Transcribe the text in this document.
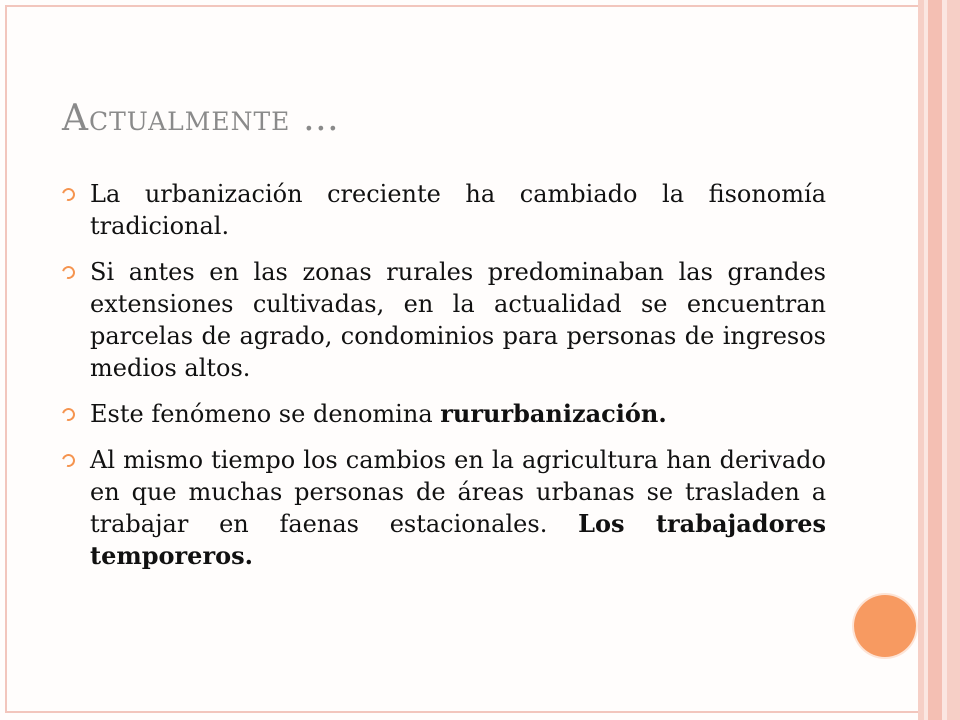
Actualmente …
La urbanización creciente ha cambiado la fisonomía tradicional.
Si antes en las zonas rurales predominaban las grandes extensiones cultivadas, en la actualidad se encuentran parcelas de agrado, condominios para personas de ingresos medios altos.
Este fenómeno se denomina rururbanización.
Al mismo tiempo los cambios en la agricultura han derivado en que muchas personas de áreas urbanas se trasladen a trabajar en faenas estacionales. Los trabajadores temporeros.
